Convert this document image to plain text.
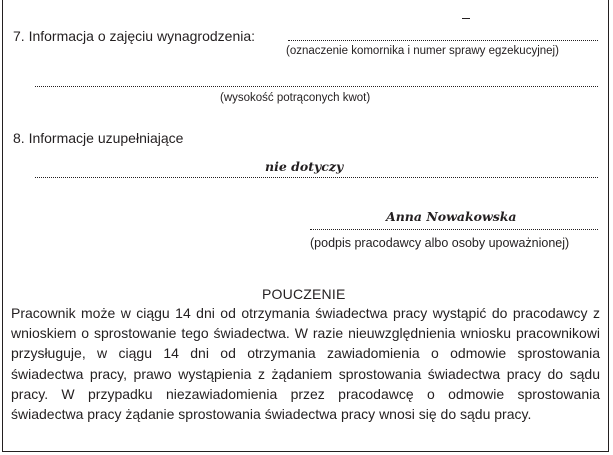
7. Informacja o zajęciu wynagrodzenia:
(oznaczenie komornika i numer sprawy egzekucyjnej)
(wysokość potrąconych kwot)
8. Informacje uzupełniające
nie dotyczy
Anna Nowakowska
(podpis pracodawcy albo osoby upoważnionej)
POUCZENIE

Pracownik może w ciągu 14 dni od otrzymania świadectwa pracy wystąpić do pracodawcy z wnioskiem o sprostowanie tego świadectwa. W razie nieuwzględnienia wniosku pracownikowi przysługuje, w ciągu 14 dni od otrzymania zawiadomienia o odmowie sprostowania świadectwa pracy, prawo wystąpienia z żądaniem sprostowania świadectwa pracy do sądu pracy. W przypadku niezawiadomienia przez pracodawcę o odmowie sprostowania świadectwa pracy żądanie sprostowania świadectwa pracy wnosi się do sądu pracy.
